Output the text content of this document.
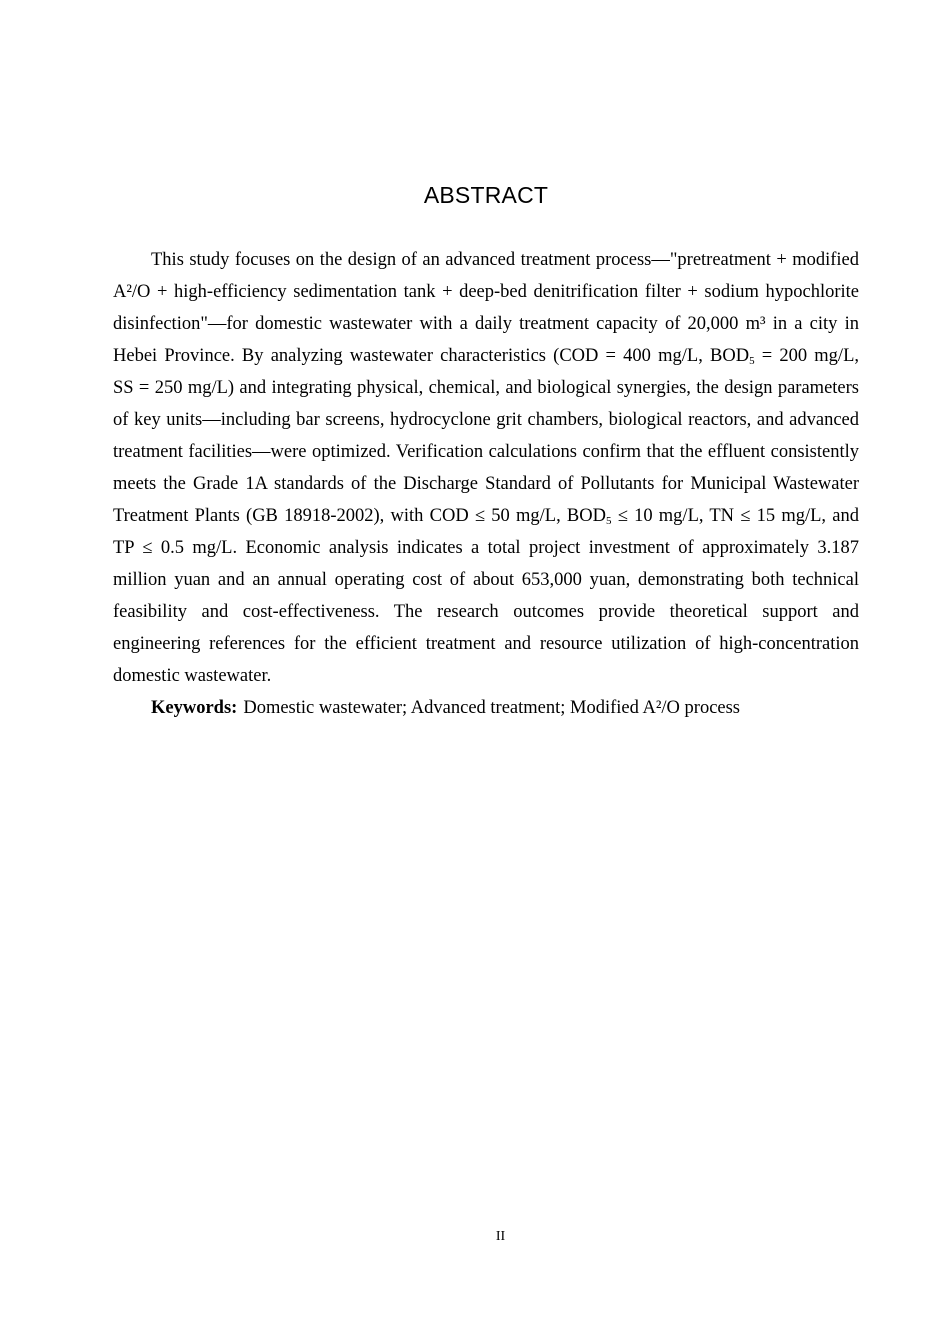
ABSTRACT
This study focuses on the design of an advanced treatment process—"pretreatment + modified
A²/O + high-efficiency sedimentation tank + deep-bed denitrification filter + sodium hypochlorite
disinfection"—for domestic wastewater with a daily treatment capacity of 20,000 m³ in a city in
Hebei Province. By analyzing wastewater characteristics (COD = 400 mg/L, $BOD_5 = 200$ mg/L,
SS = 250 mg/L) and integrating physical, chemical, and biological synergies, the design parameters
of key units—including bar screens, hydrocyclone grit chambers, biological reactors, and advanced
treatment facilities—were optimized. Verification calculations confirm that the effluent consistently
meets the Grade 1A standards of the Discharge Standard of Pollutants for Municipal Wastewater
Treatment Plants (GB 18918-2002), with COD ≤ 50 mg/L, $BOD_5 \le 10$ mg/L, TN ≤ 15 mg/L, and
TP ≤ 0.5 mg/L. Economic analysis indicates a total project investment of approximately 3.187
million yuan and an annual operating cost of about 653,000 yuan, demonstrating both technical
feasibility and cost-effectiveness. The research outcomes provide theoretical support and
engineering references for the efficient treatment and resource utilization of high-concentration
domestic wastewater.
Keywords: Domestic wastewater; Advanced treatment; Modified A²/O process
II
